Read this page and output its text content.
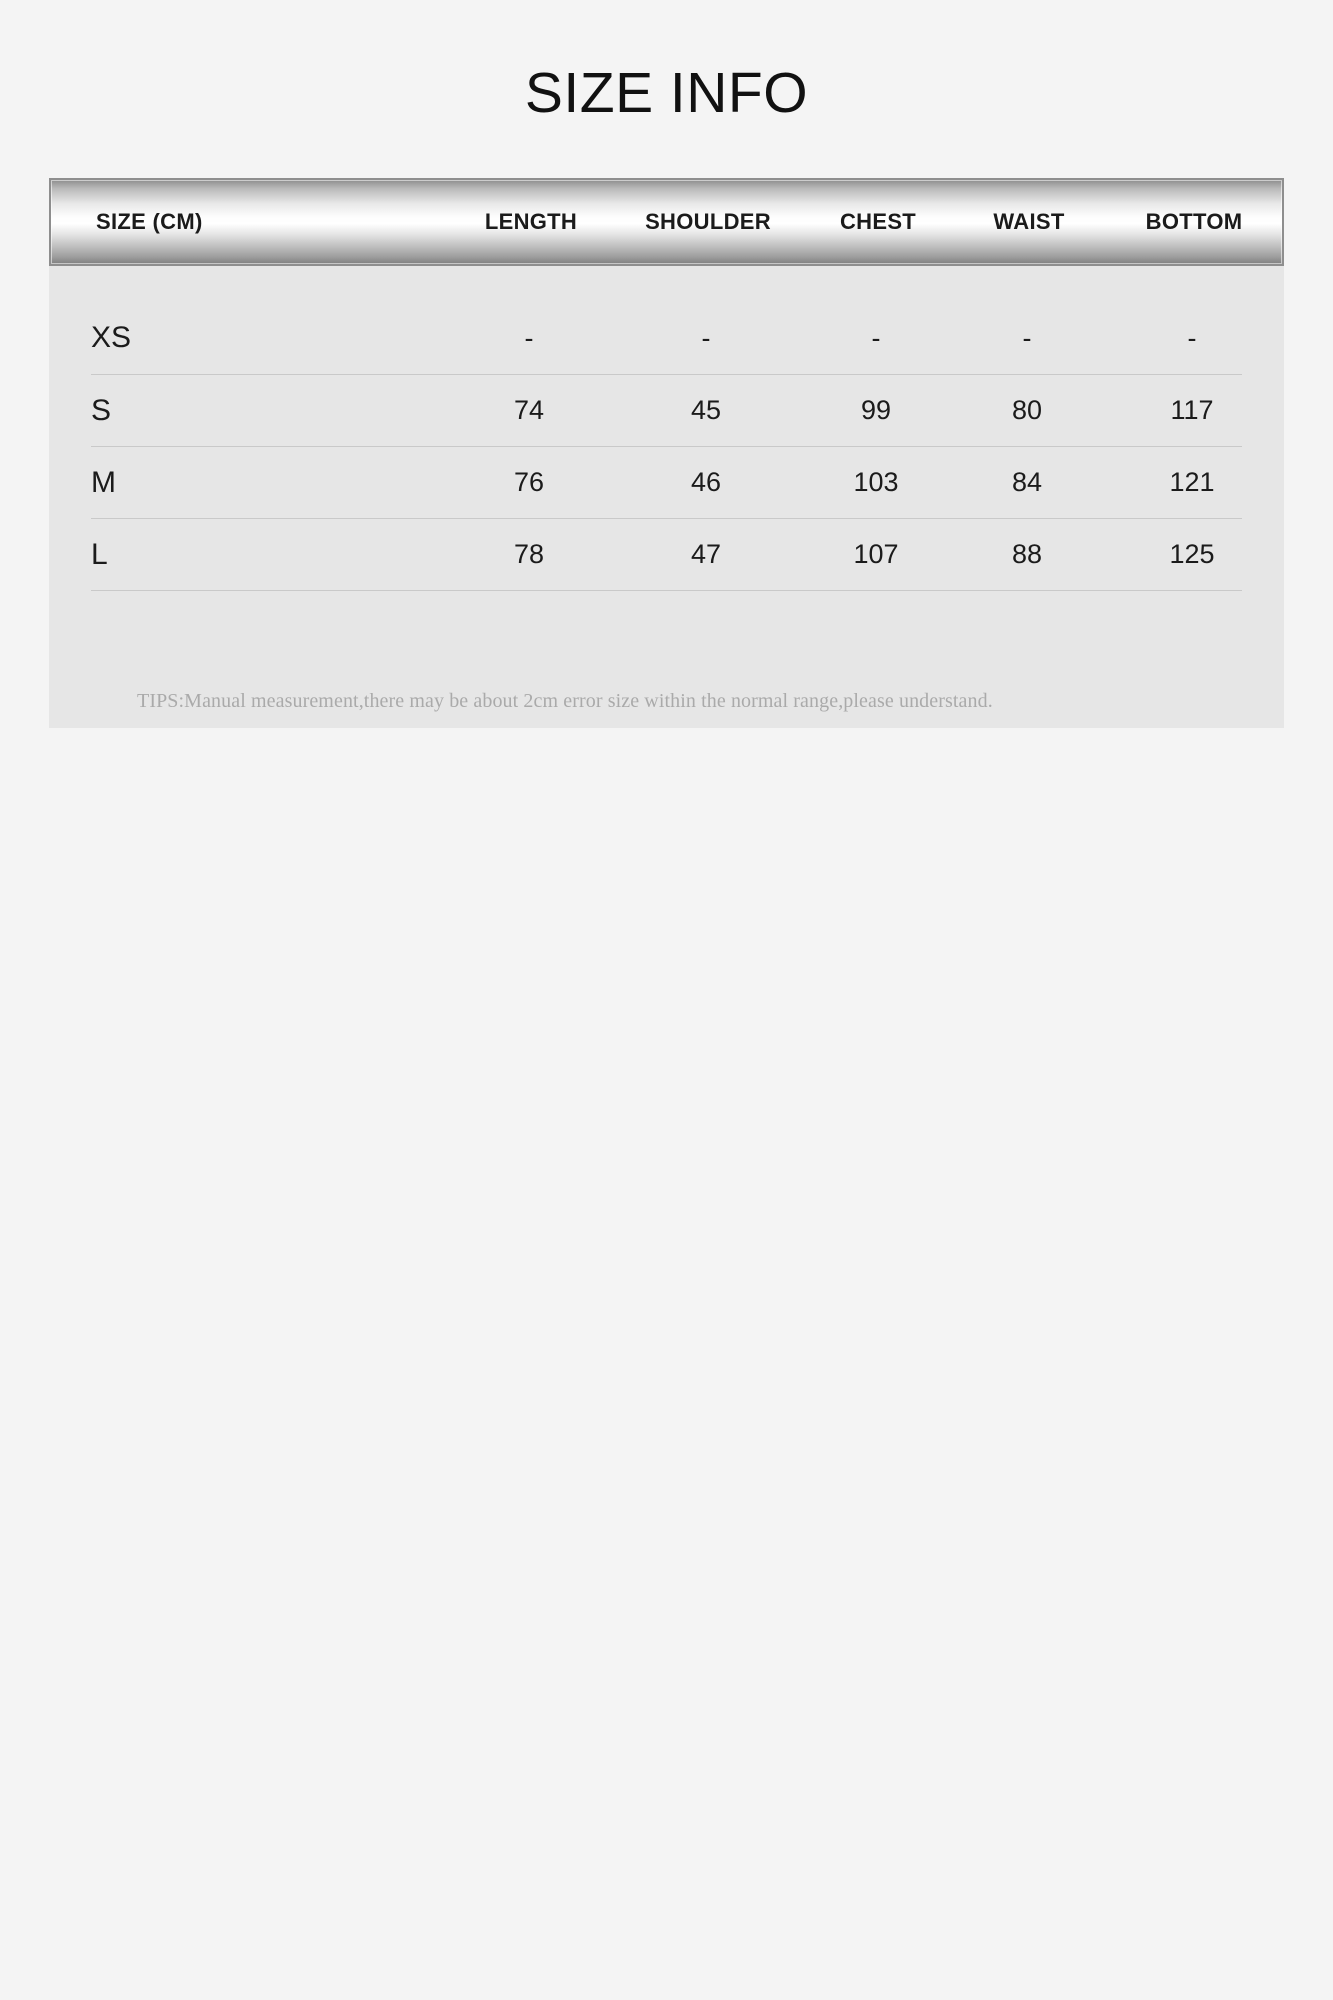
SIZE INFO
SIZE (CM)	LENGTH	SHOULDER	CHEST	WAIST	BOTTOM
XS	-	-	-	-	-
S	74	45	99	80	117
M	76	46	103	84	121
L	78	47	107	88	125
TIPS:Manual measurement,there may be about 2cm error size within the normal range,please understand.
